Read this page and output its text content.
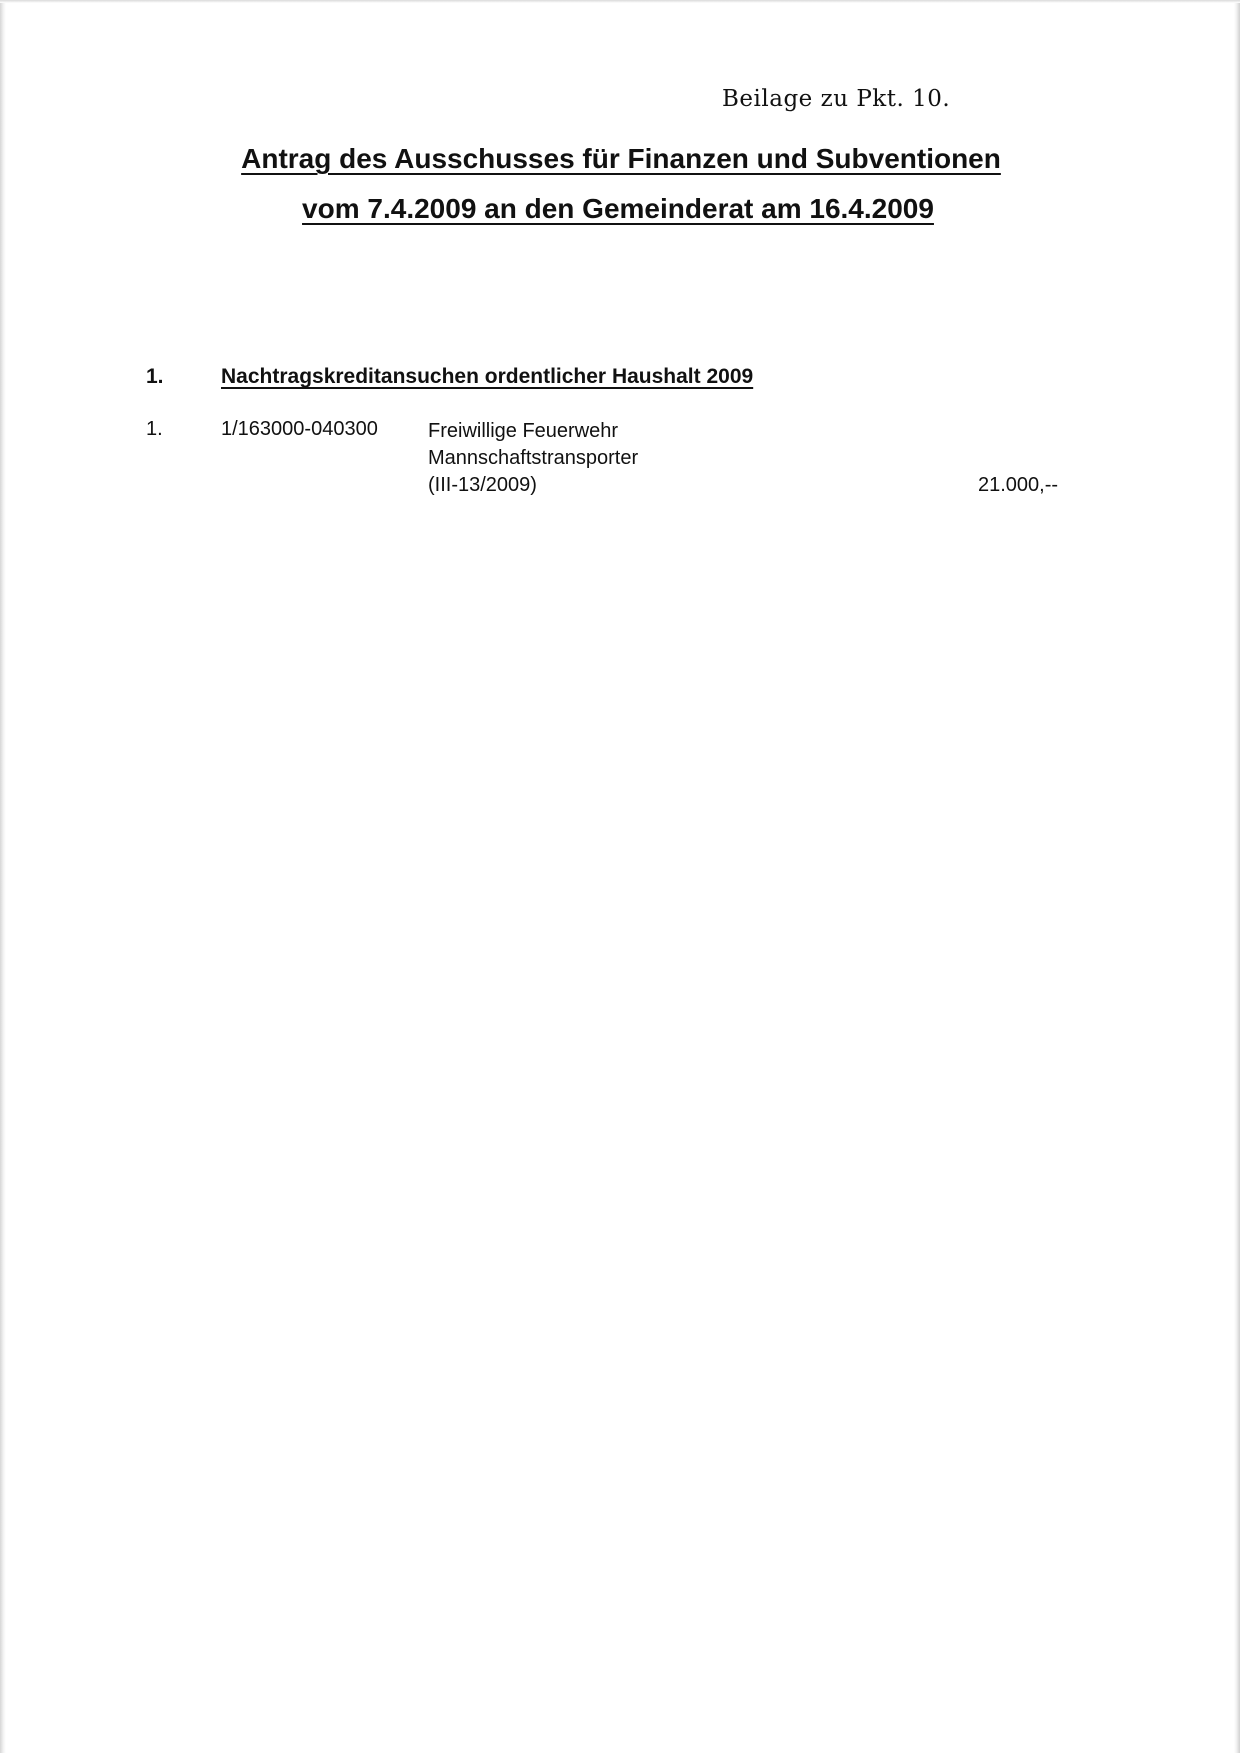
Beilage zu Pkt. 10.
Antrag des Ausschusses für Finanzen und Subventionen
vom 7.4.2009 an den Gemeinderat am 16.4.2009
1.	Nachtragskreditansuchen ordentlicher Haushalt 2009
1.	1/163000-040300	Freiwillige Feuerwehr
Mannschaftstransporter
(III-13/2009)	21.000,--
